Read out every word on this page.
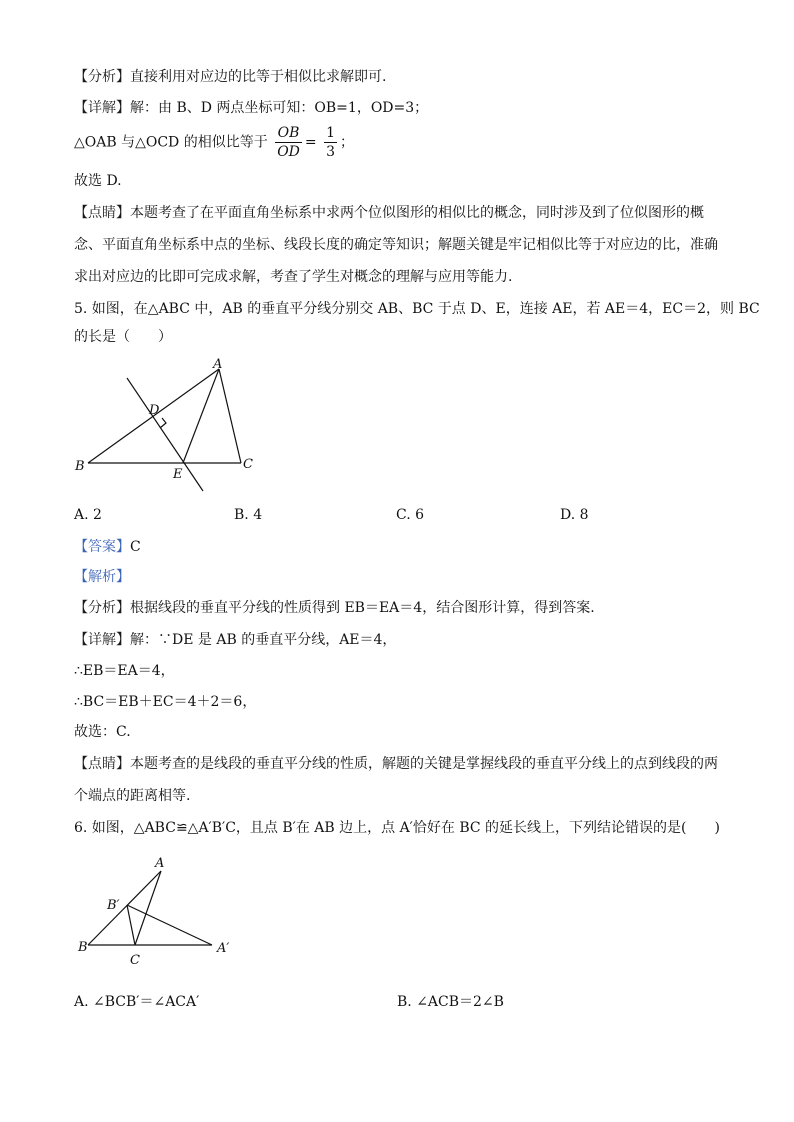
【分析】直接利用对应边的比等于相似比求解即可.
【详解】解：由 B、D 两点坐标可知：OB=1，OD=3；
△OAB 与△OCD 的相似比等于 $\frac{OB}{OD} = \frac{1}{3}$ ；
故选 D.
【点睛】本题考查了在平面直角坐标系中求两个位似图形的相似比的概念，同时涉及到了位似图形的概
念、平面直角坐标系中点的坐标、线段长度的确定等知识；解题关键是牢记相似比等于对应边的比，准确
求出对应边的比即可完成求解，考查了学生对概念的理解与应用等能力.
5. 如图，在△ABC 中，AB 的垂直平分线分别交 AB、BC 于点 D、E，连接 AE，若 AE＝4，EC＝2，则 BC
的长是（　　）
A
D
B
E
C
A
B′
B
C
A′
A. 2	B. 4	C. 6	D. 8
【答案】C
【解析】
【分析】根据线段的垂直平分线的性质得到 EB＝EA＝4，结合图形计算，得到答案.
【详解】解：∵DE 是 AB 的垂直平分线，AE＝4，
∴EB＝EA＝4，
∴BC＝EB＋EC＝4＋2＝6，
故选：C.
【点睛】本题考查的是线段的垂直平分线的性质，解题的关键是掌握线段的垂直平分线上的点到线段的两
个端点的距离相等.
6. 如图，△ABC≌△A′B′C，且点 B′在 AB 边上，点 A′恰好在 BC 的延长线上，下列结论错误的是(　　)
A. ∠BCB′＝∠ACA′	B. ∠ACB＝2∠B
